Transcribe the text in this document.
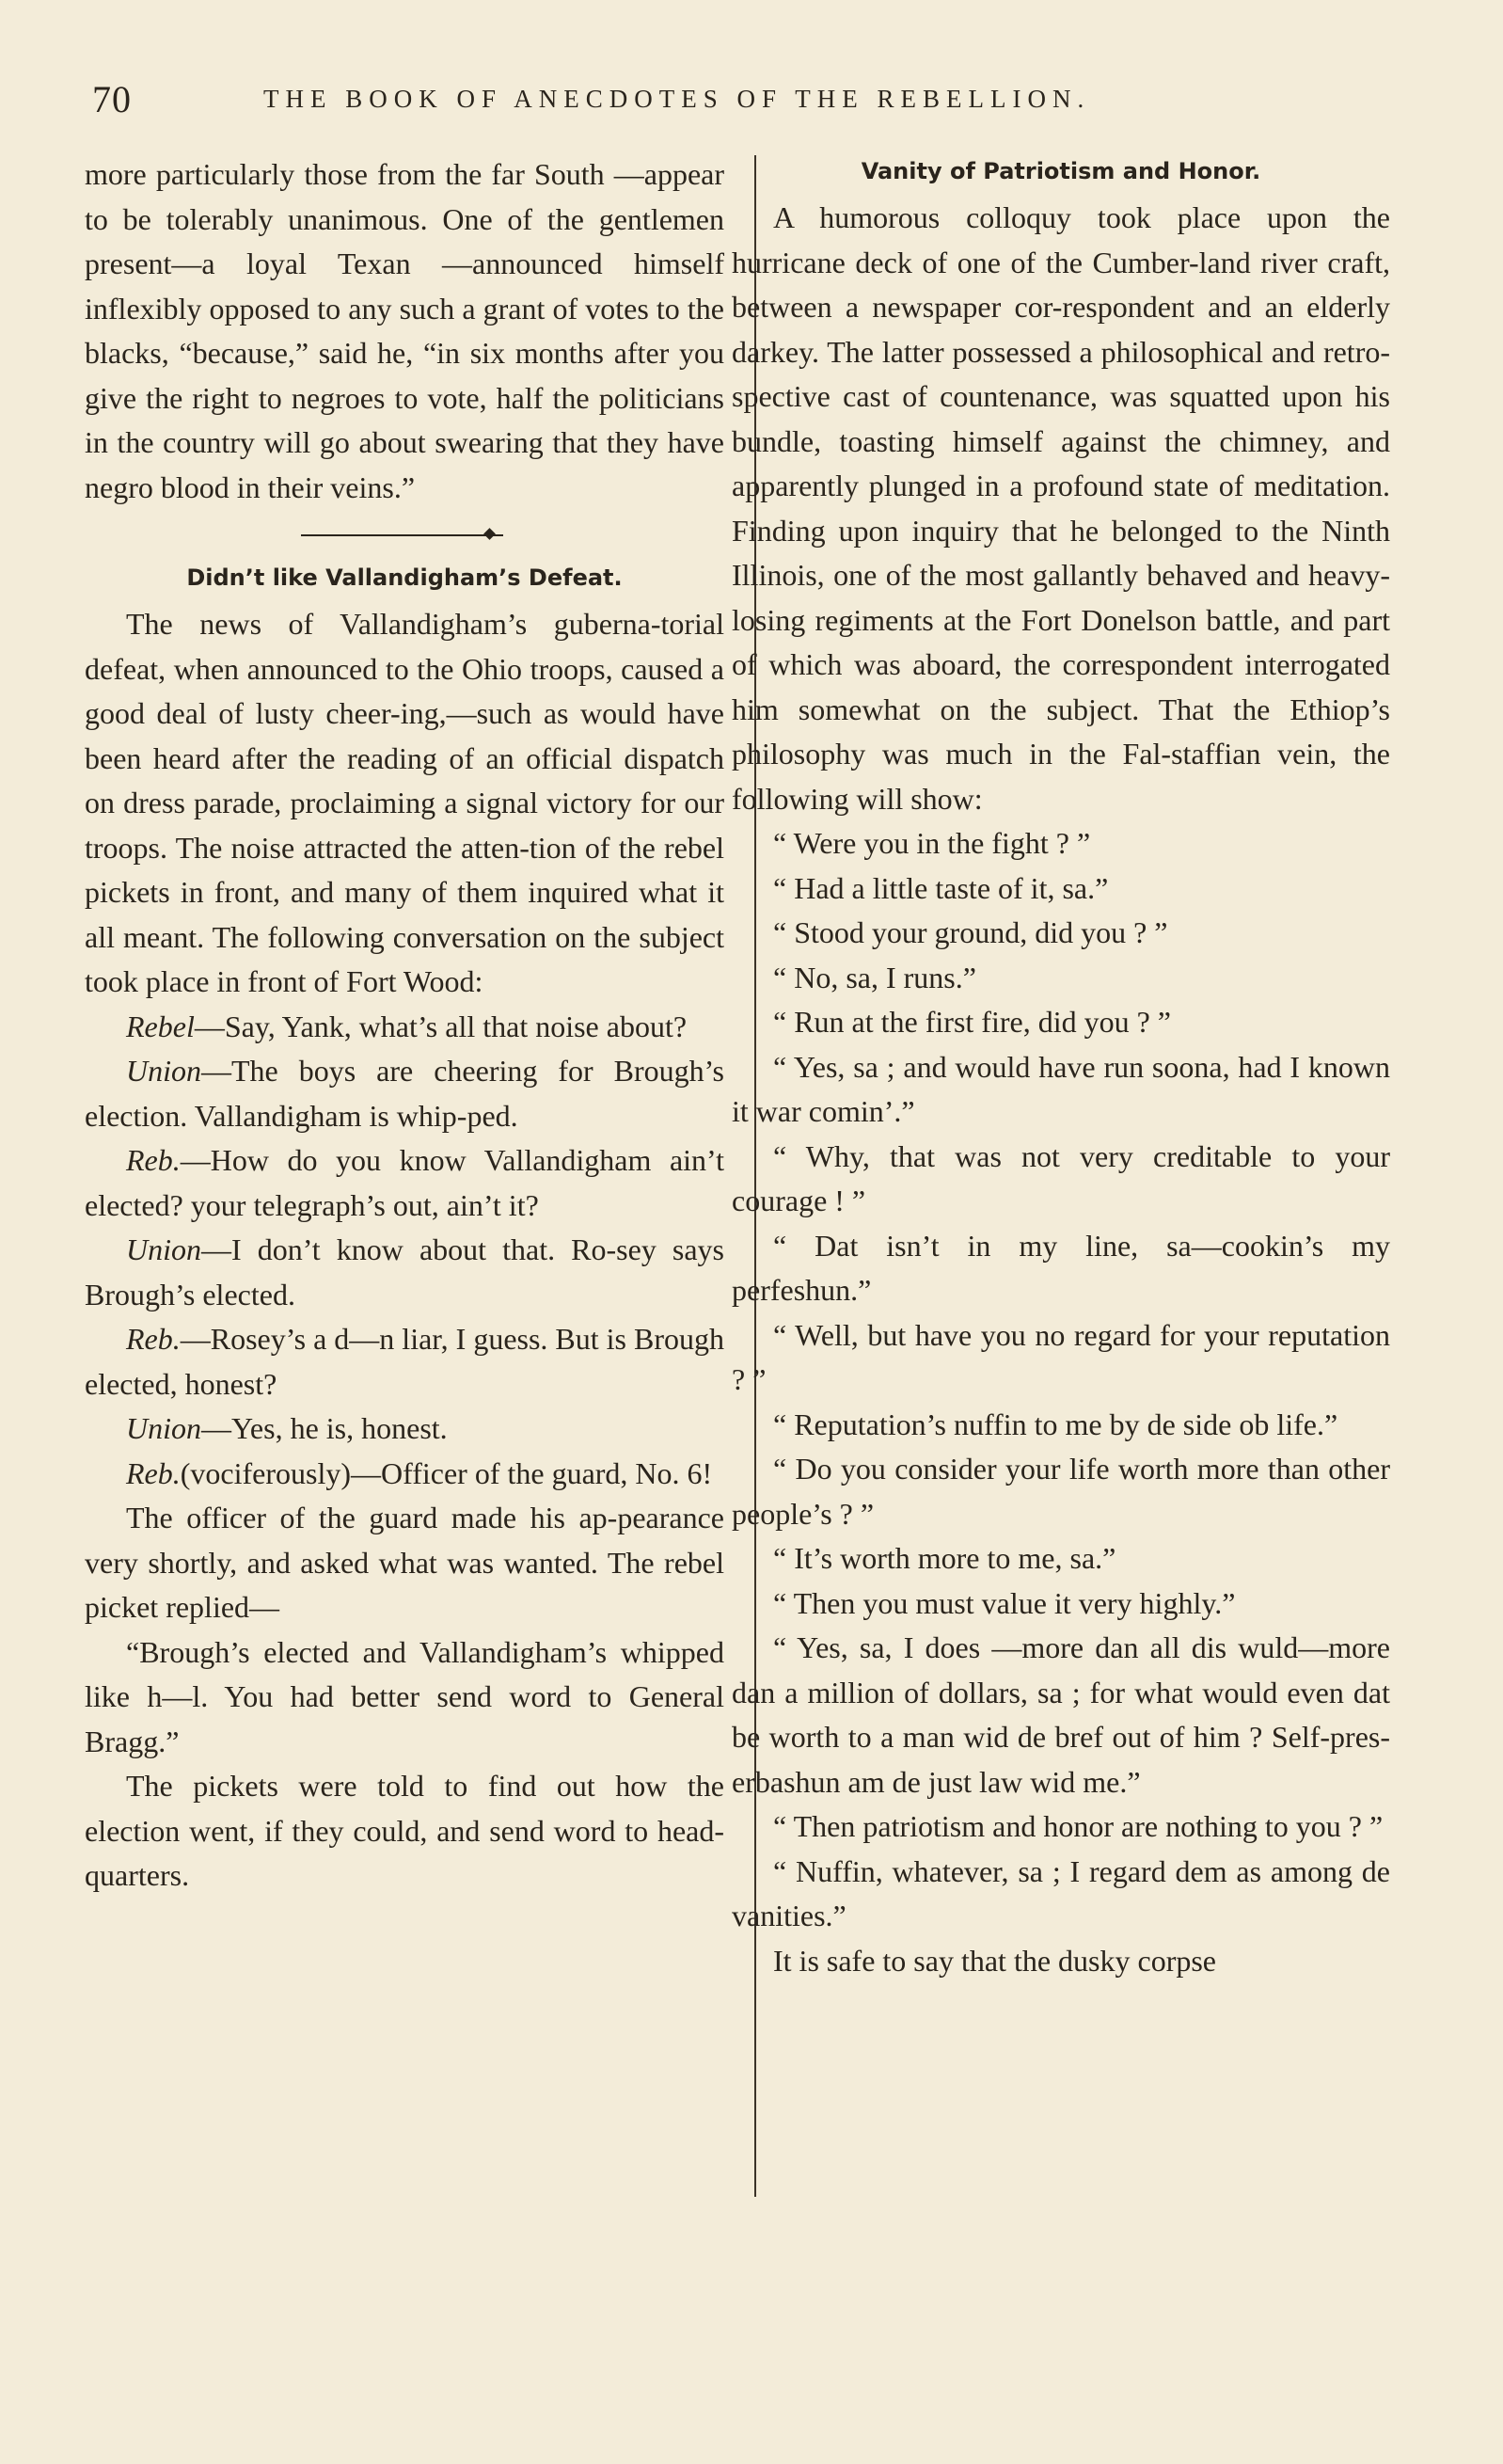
70	THE BOOK OF ANECDOTES OF THE REBELLION.

more particularly those from the far South —appear to be tolerably unanimous. One of the gentlemen present—a loyal Texan —announced himself inflexibly opposed to any such a grant of votes to the blacks, “because,” said he, “in six months after you give the right to negroes to vote, half the politicians in the country will go about swearing that they have negro blood in their veins.”

Didn’t like Vallandigham’s Defeat.

The news of Vallandigham’s guberna-torial defeat, when announced to the Ohio troops, caused a good deal of lusty cheer-ing,—such as would have been heard after the reading of an official dispatch on dress parade, proclaiming a signal victory for our troops. The noise attracted the atten-tion of the rebel pickets in front, and many of them inquired what it all meant. The following conversation on the subject took place in front of Fort Wood:

Rebel—Say, Yank, what’s all that noise about?

Union—The boys are cheering for Brough’s election. Vallandigham is whip-ped.

Reb.—How do you know Vallandigham ain’t elected? your telegraph’s out, ain’t it?

Union—I don’t know about that. Ro-sey says Brough’s elected.

Reb.—Rosey’s a d—n liar, I guess. But is Brough elected, honest?

Union—Yes, he is, honest.

Reb.(vociferously)—Officer of the guard, No. 6!

The officer of the guard made his ap-pearance very shortly, and asked what was wanted. The rebel picket replied—

“Brough’s elected and Vallandigham’s whipped like h—l. You had better send word to General Bragg.”

The pickets were told to find out how the election went, if they could, and send word to head-quarters.

Vanity of Patriotism and Honor.

A humorous colloquy took place upon the hurricane deck of one of the Cumber-land river craft, between a newspaper cor-respondent and an elderly darkey. The latter possessed a philosophical and retro-spective cast of countenance, was squatted upon his bundle, toasting himself against the chimney, and apparently plunged in a profound state of meditation. Finding upon inquiry that he belonged to the Ninth Illinois, one of the most gallantly behaved and heavy-losing regiments at the Fort Donelson battle, and part of which was aboard, the correspondent interrogated him somewhat on the subject. That the Ethiop’s philosophy was much in the Fal-staffian vein, the following will show:

“ Were you in the fight ? ”

“ Had a little taste of it, sa.”

“ Stood your ground, did you ? ”

“ No, sa, I runs.”

“ Run at the first fire, did you ? ”

“ Yes, sa ; and would have run soona, had I known it war comin’.”

“ Why, that was not very creditable to your courage ! ”

“ Dat isn’t in my line, sa—cookin’s my perfeshun.”

“ Well, but have you no regard for your reputation ? ”

“ Reputation’s nuffin to me by de side ob life.”

“ Do you consider your life worth more than other people’s ? ”

“ It’s worth more to me, sa.”

“ Then you must value it very highly.”

“ Yes, sa, I does —more dan all dis wuld—more dan a million of dollars, sa ; for what would even dat be worth to a man wid de bref out of him ? Self-pres-erbashun am de just law wid me.”

“ Then patriotism and honor are nothing to you ? ”

“ Nuffin, whatever, sa ; I regard dem as among de vanities.”

It is safe to say that the dusky corpse
